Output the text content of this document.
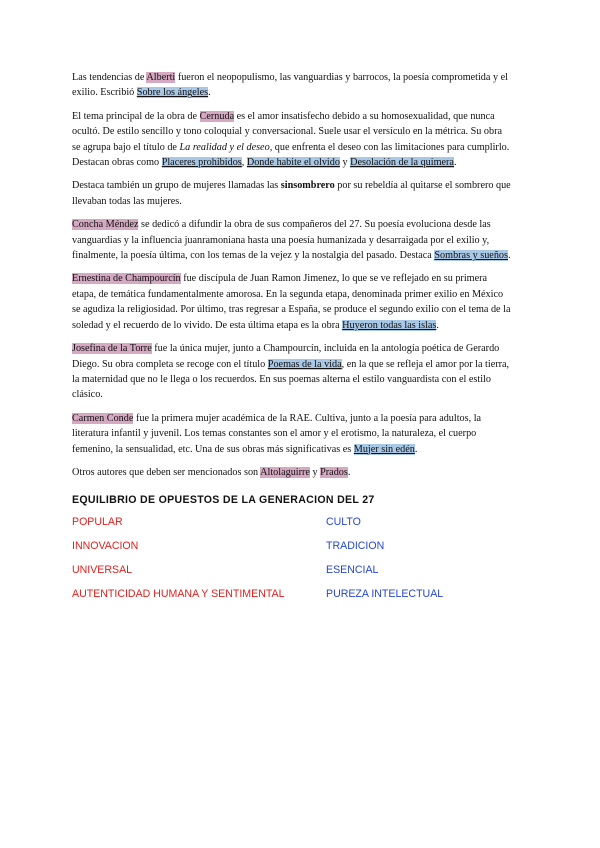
Las tendencias de Alberti fueron el neopopulismo, las vanguardias y barrocos, la poesía comprometida y el exilio. Escribió Sobre los ángeles.

El tema principal de la obra de Cernuda es el amor insatisfecho debido a su homosexualidad, que nunca ocultó. De estilo sencillo y tono coloquial y conversacional. Suele usar el versículo en la métrica. Su obra se agrupa bajo el título de La realidad y el deseo, que enfrenta el deseo con las limitaciones para cumplirlo. Destacan obras como Placeres prohibidos, Donde habite el olvido y Desolación de la quimera.

Destaca también un grupo de mujeres llamadas las sinsombrero por su rebeldía al quitarse el sombrero que llevaban todas las mujeres.

Concha Méndez se dedicó a difundir la obra de sus compañeros del 27. Su poesía evoluciona desde las vanguardias y la influencia juanramoniana hasta una poesía humanizada y desarraigada por el exilio y, finalmente, la poesía última, con los temas de la vejez y la nostalgia del pasado. Destaca Sombras y sueños.

Ernestina de Champourcín fue discípula de Juan Ramon Jimenez, lo que se ve reflejado en su primera etapa, de temática fundamentalmente amorosa. En la segunda etapa, denominada primer exilio en México se agudiza la religiosidad. Por último, tras regresar a España, se produce el segundo exilio con el tema de la soledad y el recuerdo de lo vivido. De esta última etapa es la obra Huyeron todas las islas.

Josefina de la Torre fue la única mujer, junto a Champourcín, incluida en la antología poética de Gerardo Diego. Su obra completa se recoge con el título Poemas de la vida, en la que se refleja el amor por la tierra, la maternidad que no le llega o los recuerdos. En sus poemas alterna el estilo vanguardista con el estilo clásico.

Carmen Conde fue la primera mujer académica de la RAE. Cultiva, junto a la poesía para adultos, la literatura infantil y juvenil. Los temas constantes son el amor y el erotismo, la naturaleza, el cuerpo femenino, la sensualidad, etc. Una de sus obras más significativas es Mujer sin edén.

Otros autores que deben ser mencionados son Altolaguirre y Prados.

EQUILIBRIO DE OPUESTOS DE LA GENERACION DEL 27
POPULAR	CULTO
INNOVACION	TRADICION
UNIVERSAL	ESENCIAL
AUTENTICIDAD HUMANA Y SENTIMENTAL	PUREZA INTELECTUAL
